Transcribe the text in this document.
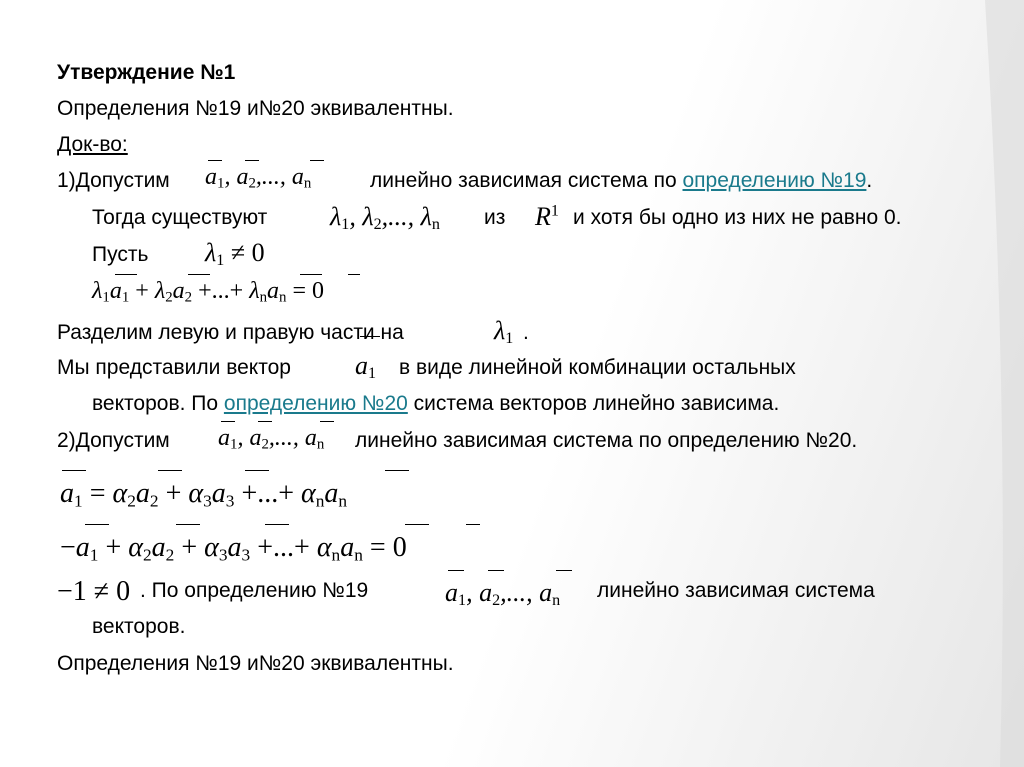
Утверждение №1
Определения №19 и№20 эквивалентны.
Док-во:
1)Допустим $a_1$, $a_2$,..., $a_n$	линейно зависимая система по определению №19.
Тогда существуют $\lambda_1$, $\lambda_2$,..., $\lambda_n$ из $R^1$ и хотя бы одно из них не равно 0.
Пусть $\lambda_1 \ne 0$
$\lambda_1a_1 + \lambda_2a_2$ +...+ $\lambda_na_n = 0$
Разделим левую и правую части на	$\lambda_1$ .
Мы представили вектор $a_1$ в виде линейной комбинации остальных
векторов. По определению №20 система векторов линейно зависима.
2)Допустим $a_1$, $a_2$,..., $a_n$ линейно зависимая система по определению №20.
$a_1 = \alpha_2a_2 + \alpha_3a_3$ +...+ $\alpha_na_n$
$-a_1 + \alpha_2a_2 + \alpha_3a_3$ +...+ $\alpha_na_n = 0$
−1 ≠ 0 . По определению №19	$a_1$, $a_2$,..., $a_n$ линейно зависимая система
векторов.
Определения №19 и№20 эквивалентны.
